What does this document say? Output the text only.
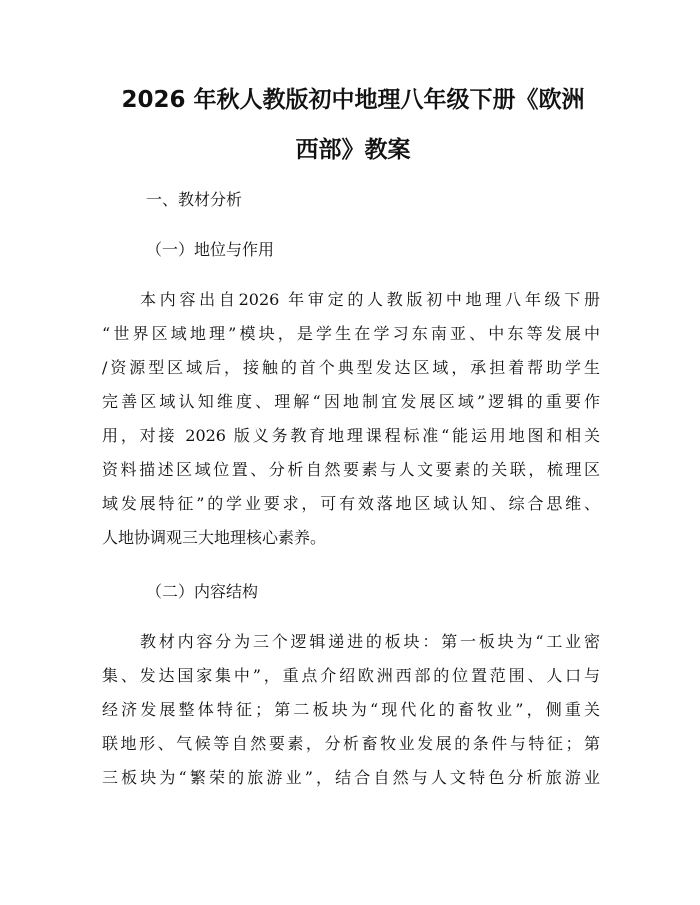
2026 年秋人教版初中地理八年级下册《欧洲
西部》教案

一、教材分析

（一）地位与作用

本内容出自2026 年审定的人教版初中地理八年级下册

“世界区域地理”模块，是学生在学习东南亚、中东等发展中

/资源型区域后，接触的首个典型发达区域，承担着帮助学生

完善区域认知维度、理解“因地制宜发展区域”逻辑的重要作

用，对接 2026 版义务教育地理课程标准“能运用地图和相关

资料描述区域位置、分析自然要素与人文要素的关联，梳理区

域发展特征”的学业要求，可有效落地区域认知、综合思维、

人地协调观三大地理核心素养。

（二）内容结构

教材内容分为三个逻辑递进的板块：第一板块为“工业密

集、发达国家集中”，重点介绍欧洲西部的位置范围、人口与

经济发展整体特征；第二板块为“现代化的畜牧业”，侧重关

联地形、气候等自然要素，分析畜牧业发展的条件与特征；第

三板块为“繁荣的旅游业”，结合自然与人文特色分析旅游业
